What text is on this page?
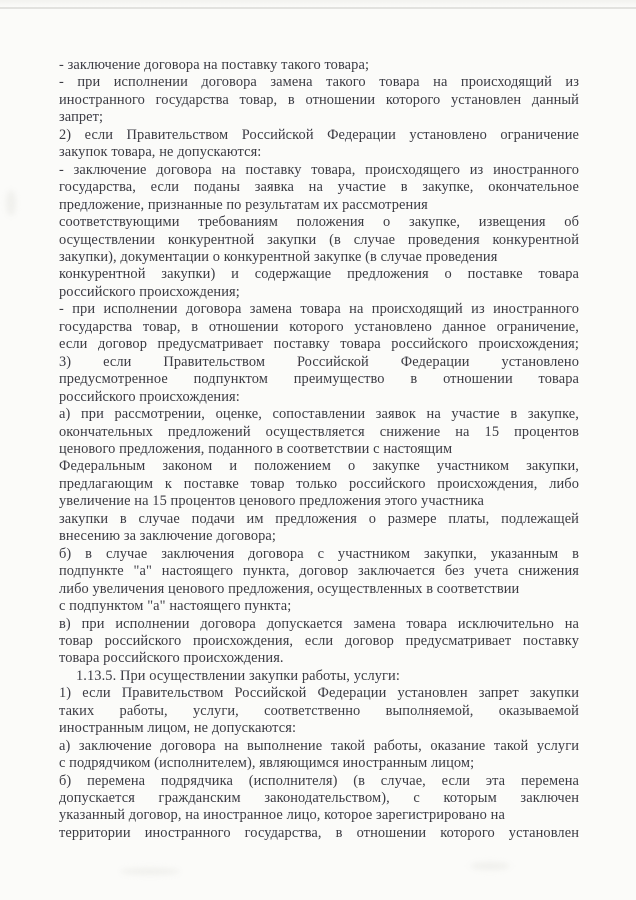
- заключение договора на поставку такого товара;
- при исполнении договора замена такого товара на происходящий из
иностранного государства товар, в отношении которого установлен данный
запрет;
2) если Правительством Российской Федерации установлено ограничение
закупок товара, не допускаются:
- заключение договора на поставку товара, происходящего из иностранного
государства, если поданы заявка на участие в закупке, окончательное
предложение, признанные по результатам их рассмотрения
соответствующими требованиям положения о закупке, извещения об
осуществлении конкурентной закупки (в случае проведения конкурентной
закупки), документации о конкурентной закупке (в случае проведения
конкурентной закупки) и содержащие предложения о поставке товара
российского происхождения;
- при исполнении договора замена товара на происходящий из иностранного
государства товар, в отношении которого установлено данное ограничение,
если договор предусматривает поставку товара российского происхождения;
3) если Правительством Российской Федерации установлено
предусмотренное подпунктом преимущество в отношении товара
российского происхождения:
а) при рассмотрении, оценке, сопоставлении заявок на участие в закупке,
окончательных предложений осуществляется снижение на 15 процентов
ценового предложения, поданного в соответствии с настоящим
Федеральным законом и положением о закупке участником закупки,
предлагающим к поставке товар только российского происхождения, либо
увеличение на 15 процентов ценового предложения этого участника
закупки в случае подачи им предложения о размере платы, подлежащей
внесению за заключение договора;
б) в случае заключения договора с участником закупки, указанным в
подпункте "а" настоящего пункта, договор заключается без учета снижения
либо увеличения ценового предложения, осуществленных в соответствии
с подпунктом "а" настоящего пункта;
в) при исполнении договора допускается замена товара исключительно на
товар российского происхождения, если договор предусматривает поставку
товара российского происхождения.
1.13.5. При осуществлении закупки работы, услуги:
1) если Правительством Российской Федерации установлен запрет закупки
таких работы, услуги, соответственно выполняемой, оказываемой
иностранным лицом, не допускаются:
а) заключение договора на выполнение такой работы, оказание такой услуги
с подрядчиком (исполнителем), являющимся иностранным лицом;
б) перемена подрядчика (исполнителя) (в случае, если эта перемена
допускается гражданским законодательством), с которым заключен
указанный договор, на иностранное лицо, которое зарегистрировано на
территории иностранного государства, в отношении которого установлен
